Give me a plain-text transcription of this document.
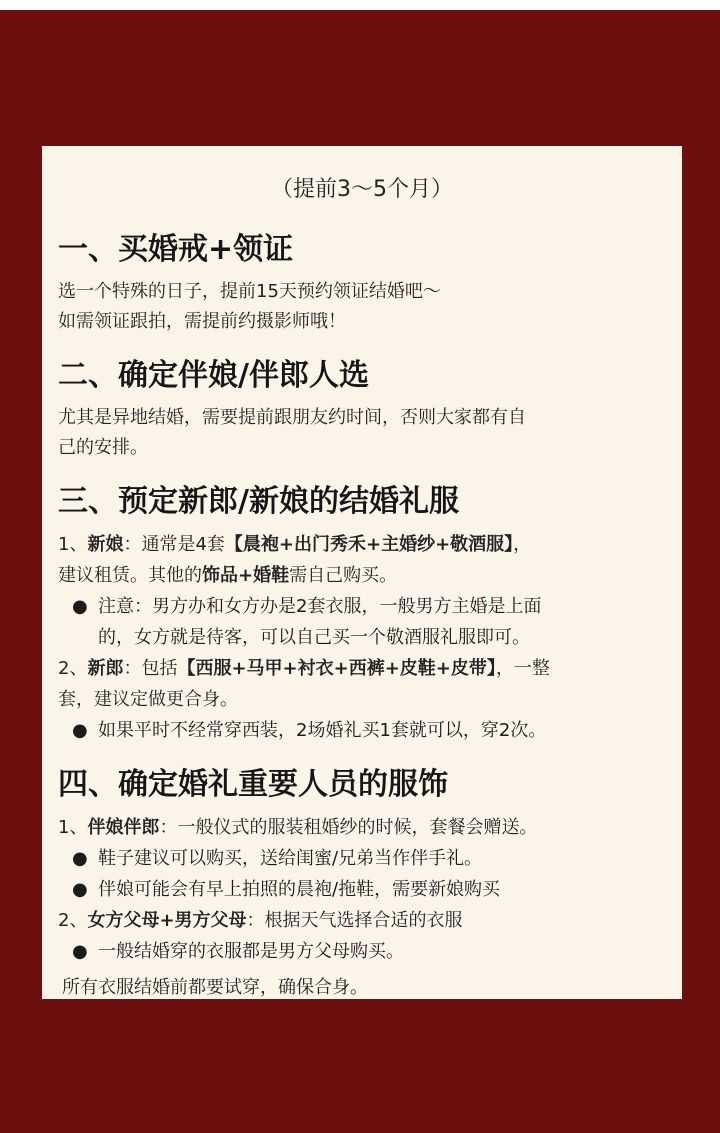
（提前3～5个月）
一、买婚戒+领证

选一个特殊的日子，提前15天预约领证结婚吧～

如需领证跟拍，需提前约摄影师哦！

二、确定伴娘/伴郎人选

尤其是异地结婚，需要提前跟朋友约时间，否则大家都有自

己的安排。

三、预定新郎/新娘的结婚礼服

1、新娘：通常是4套【晨袍+出门秀禾+主婚纱+敬酒服】，

建议租赁。其他的饰品+婚鞋需自己购买。

● 注意：男方办和女方办是2套衣服，一般男方主婚是上面
的，女方就是待客，可以自己买一个敬酒服礼服即可。

2、新郎：包括【西服+马甲+衬衣+西裤+皮鞋+皮带】，一整

套，建议定做更合身。

● 如果平时不经常穿西装，2场婚礼买1套就可以，穿2次。
四、确定婚礼重要人员的服饰

1、伴娘伴郎：一般仪式的服装租婚纱的时候，套餐会赠送。

● 鞋子建议可以购买，送给闺蜜/兄弟当作伴手礼。
● 伴娘可能会有早上拍照的晨袍/拖鞋，需要新娘购买

2、女方父母+男方父母：根据天气选择合适的衣服

● 一般结婚穿的衣服都是男方父母购买。

所有衣服结婚前都要试穿，确保合身。
